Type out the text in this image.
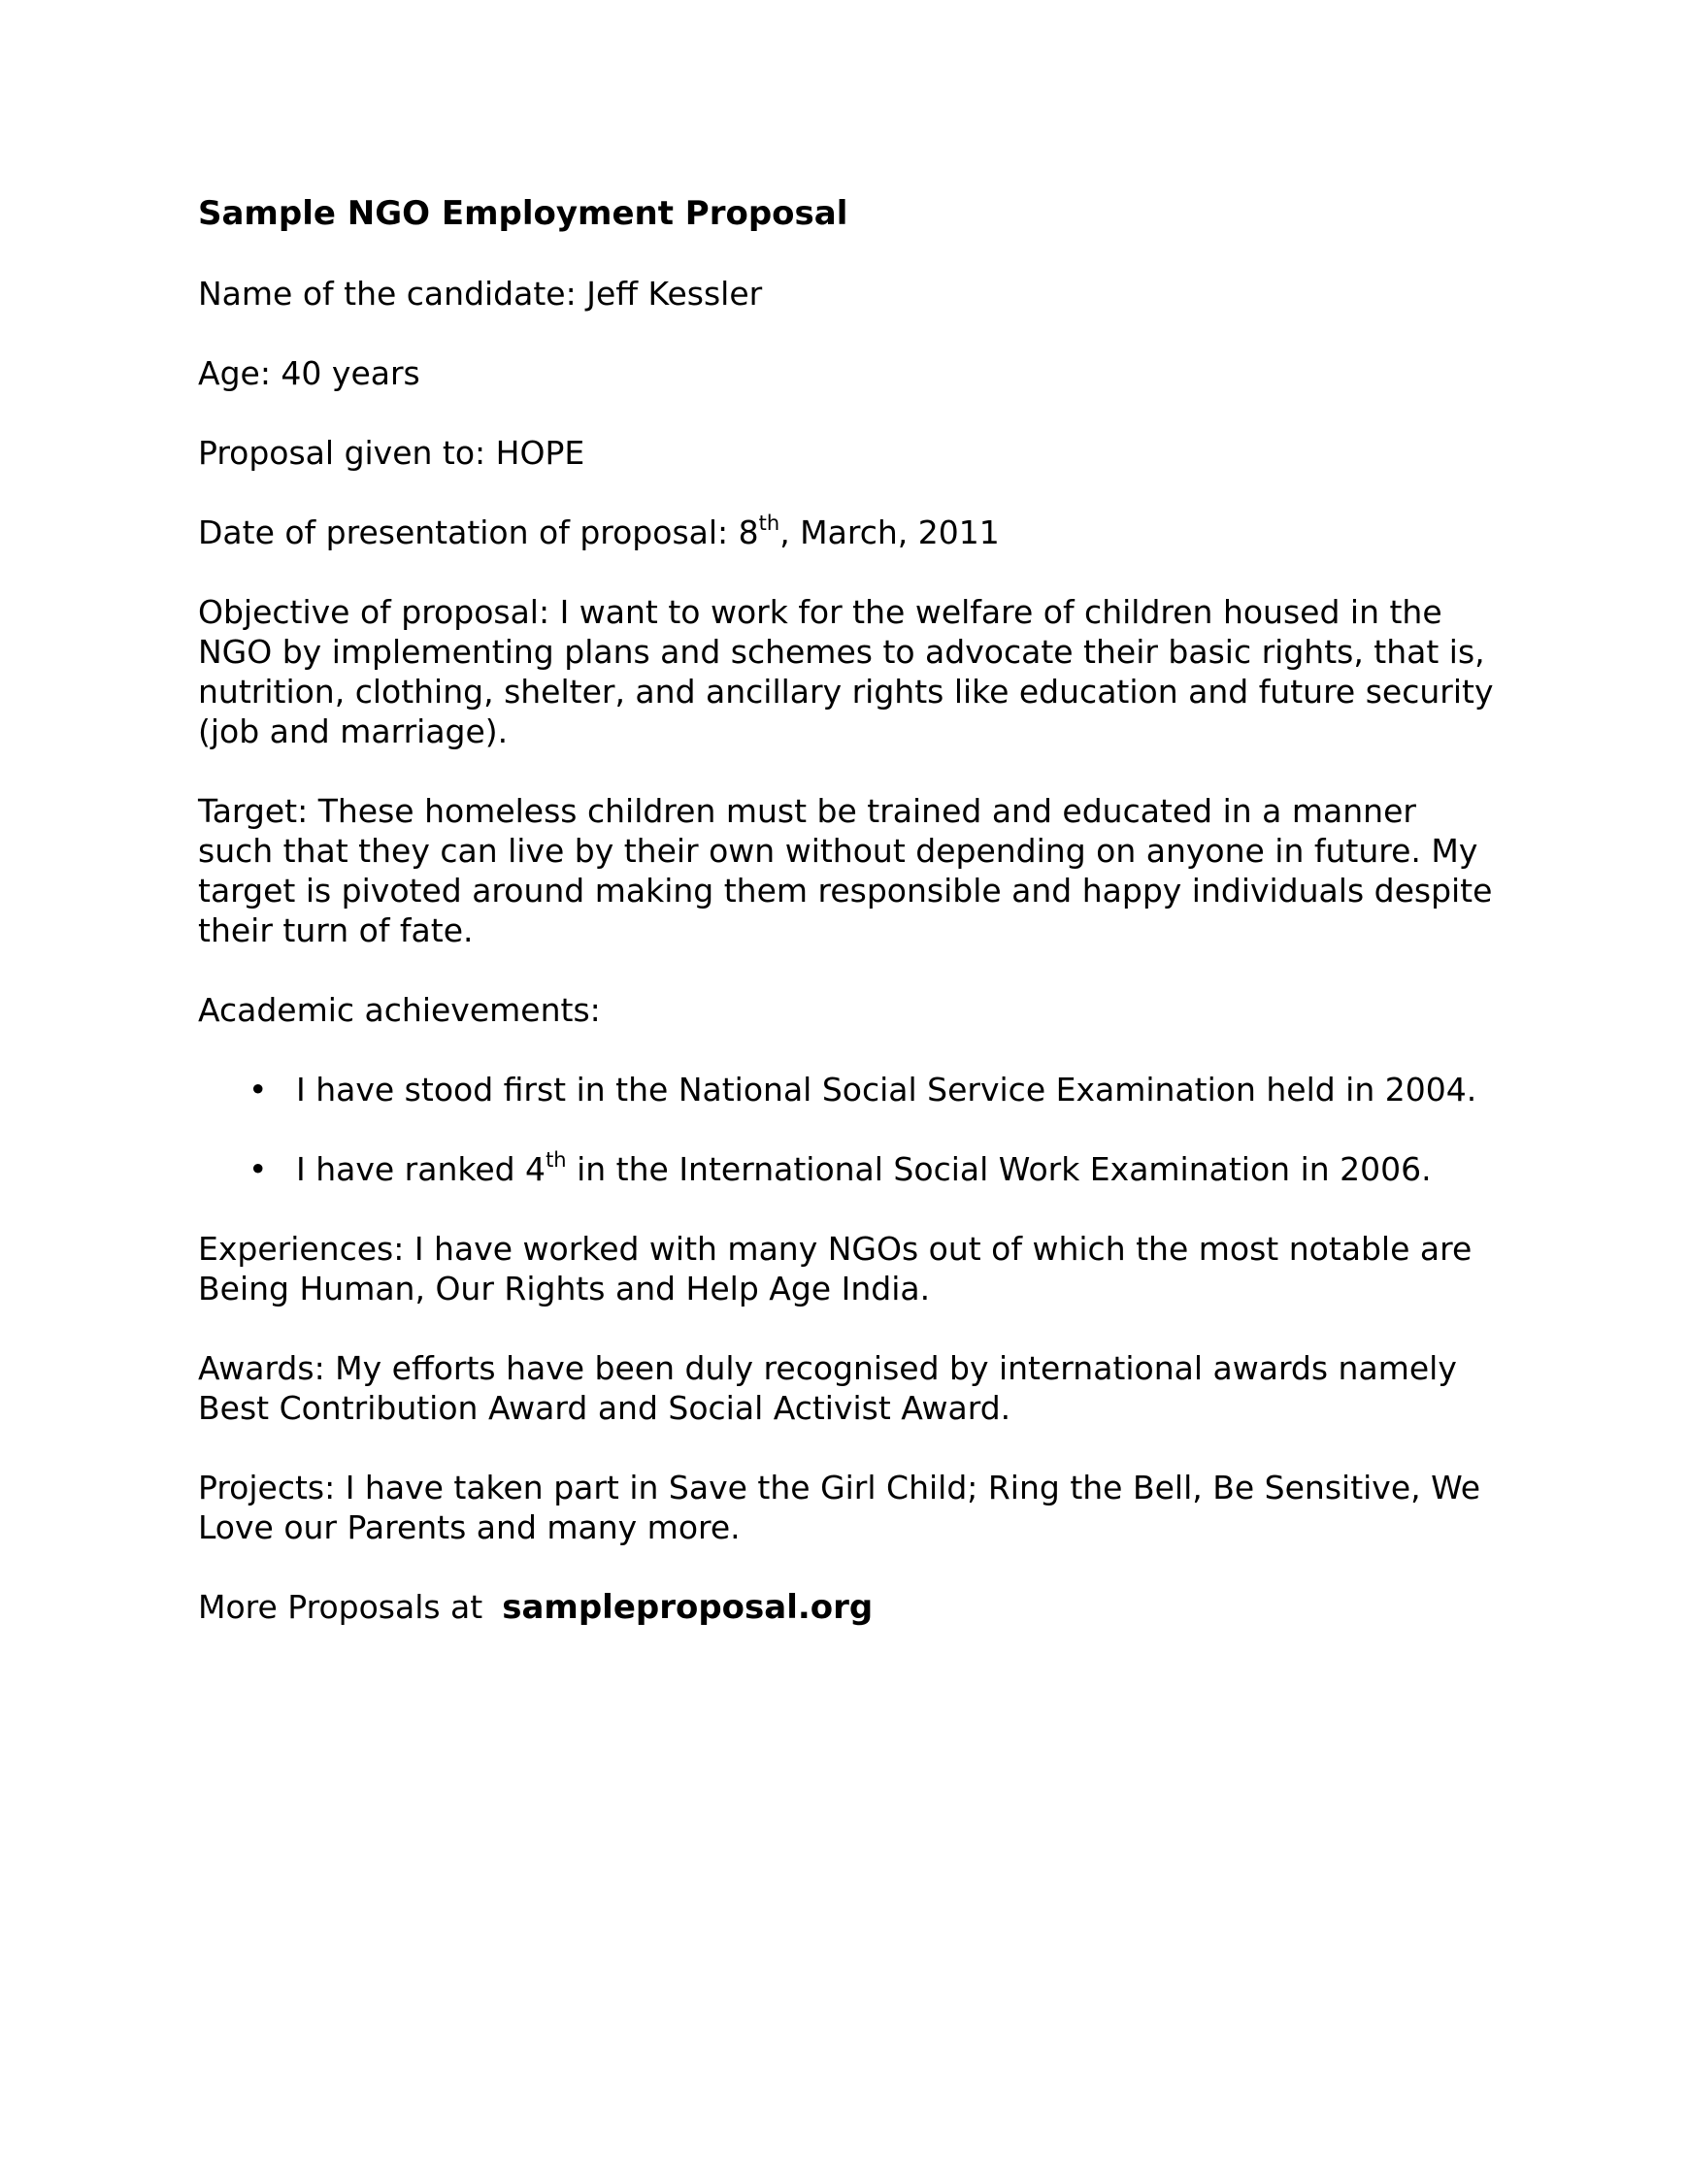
Sample NGO Employment Proposal

Name of the candidate: Jeff Kessler

Age: 40 years

Proposal given to: HOPE

Date of presentation of proposal: 8th, March, 2011

Objective of proposal: I want to work for the welfare of children housed in the NGO by implementing plans and schemes to advocate their basic rights, that is, nutrition, clothing, shelter, and ancillary rights like education and future security (job and marriage).

Target: These homeless children must be trained and educated in a manner such that they can live by their own without depending on anyone in future. My target is pivoted around making them responsible and happy individuals despite their turn of fate.

Academic achievements:

• I have stood first in the National Social Service Examination held in 2004.
• I have ranked 4th in the International Social Work Examination in 2006.

Experiences: I have worked with many NGOs out of which the most notable are Being Human, Our Rights and Help Age India.

Awards: My efforts have been duly recognised by international awards namely Best Contribution Award and Social Activist Award.

Projects: I have taken part in Save the Girl Child; Ring the Bell, Be Sensitive, We Love our Parents and many more.

More Proposals at sampleproposal.org
